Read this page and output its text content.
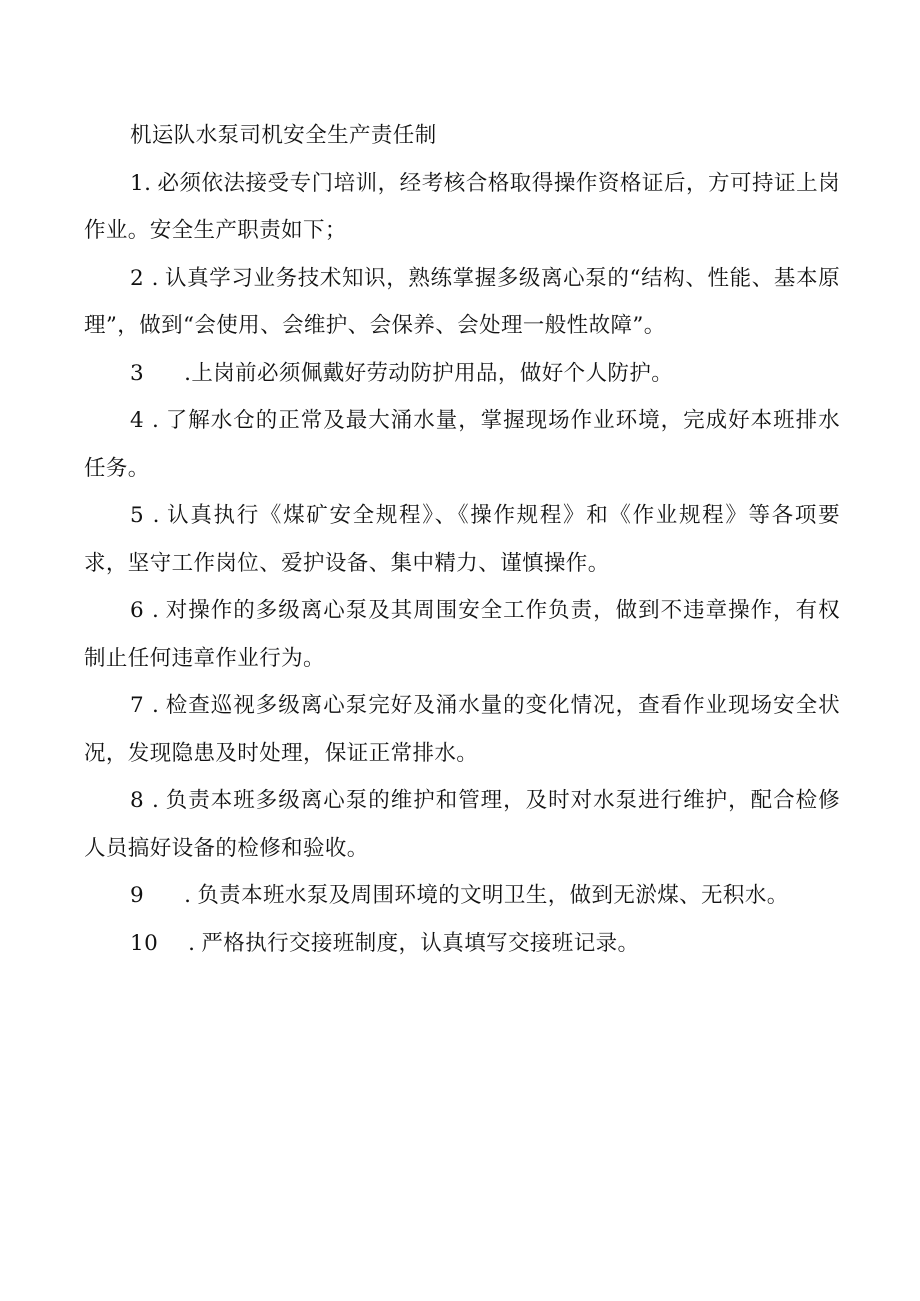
机运队水泵司机安全生产责任制

1. 必须依法接受专门培训，经考核合格取得操作资格证后，方可持证上岗作业。安全生产职责如下；

2 . 认真学习业务技术知识，熟练掌握多级离心泵的“结构、性能、基本原理”，做到“会使用、会维护、会保养、会处理一般性故障”。

3 .上岗前必须佩戴好劳动防护用品，做好个人防护。

4 . 了解水仓的正常及最大涌水量，掌握现场作业环境，完成好本班排水任务。

5 . 认真执行《煤矿安全规程》、《操作规程》和《作业规程》等各项要求，坚守工作岗位、爱护设备、集中精力、谨慎操作。

6 . 对操作的多级离心泵及其周围安全工作负责，做到不违章操作，有权制止任何违章作业行为。

7 . 检查巡视多级离心泵完好及涌水量的变化情况，查看作业现场安全状况，发现隐患及时处理，保证正常排水。

8 . 负责本班多级离心泵的维护和管理，及时对水泵进行维护，配合检修人员搞好设备的检修和验收。

9 . 负责本班水泵及周围环境的文明卫生，做到无淤煤、无积水。

10 . 严格执行交接班制度，认真填写交接班记录。
